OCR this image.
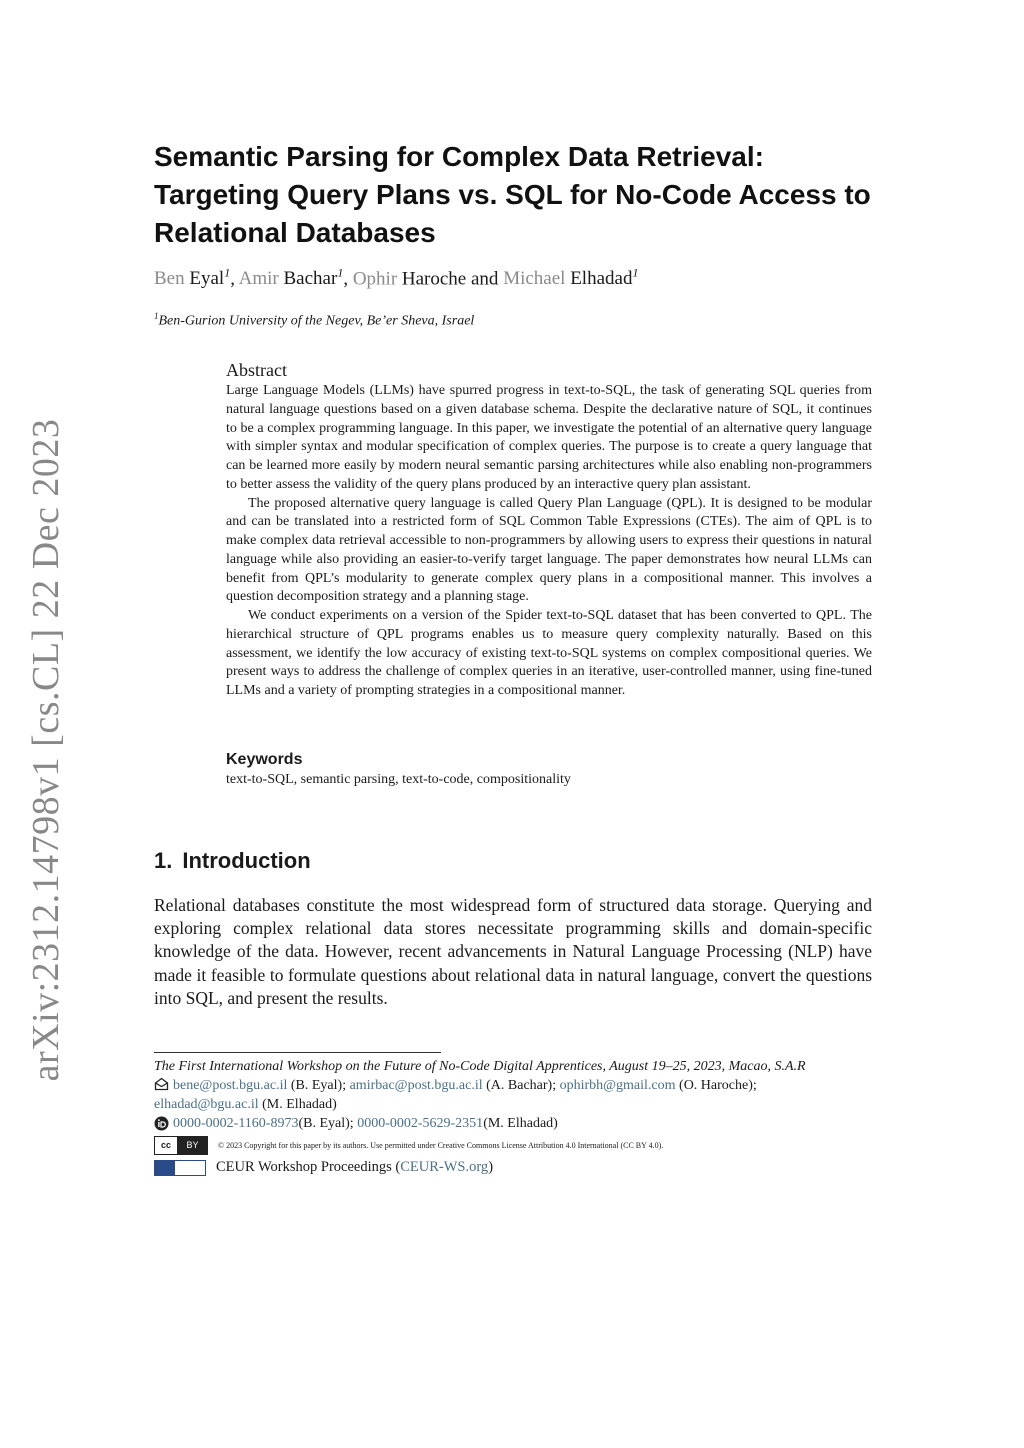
arXiv:2312.14798v1 [cs.CL] 22 Dec 2023
Semantic Parsing for Complex Data Retrieval:
Targeting Query Plans vs. SQL for No-Code Access to
Relational Databases
Ben Eyal$^1$, Amir Bachar$^1$, Ophir Haroche and Michael Elhadad$^1$
$^1$Ben-Gurion University of the Negev, Be’er Sheva, Israel
Abstract

Large Language Models (LLMs) have spurred progress in text-to-SQL, the task of generating SQL queries from natural language questions based on a given database schema. Despite the declarative nature of SQL, it continues to be a complex programming language. In this paper, we investigate the potential of an alternative query language with simpler syntax and modular specification of complex queries. The purpose is to create a query language that can be learned more easily by modern neural semantic parsing architectures while also enabling non-programmers to better assess the validity of the query plans produced by an interactive query plan assistant.

The proposed alternative query language is called Query Plan Language (QPL). It is designed to be modular and can be translated into a restricted form of SQL Common Table Expressions (CTEs). The aim of QPL is to make complex data retrieval accessible to non-programmers by allowing users to express their questions in natural language while also providing an easier-to-verify target language. The paper demonstrates how neural LLMs can benefit from QPL’s modularity to generate complex query plans in a compositional manner. This involves a question decomposition strategy and a planning stage.

We conduct experiments on a version of the Spider text-to-SQL dataset that has been converted to QPL. The hierarchical structure of QPL programs enables us to measure query complexity naturally. Based on this assessment, we identify the low accuracy of existing text-to-SQL systems on complex compositional queries. We present ways to address the challenge of complex queries in an iterative, user-controlled manner, using fine-tuned LLMs and a variety of prompting strategies in a compositional manner.

Keywords
text-to-SQL, semantic parsing, text-to-code, compositionality
1. Introduction

Relational databases constitute the most widespread form of structured data storage. Querying and exploring complex relational data stores necessitate programming skills and domain-specific knowledge of the data. However, recent advancements in Natural Language Processing (NLP) have made it feasible to formulate questions about relational data in natural language, convert the questions into SQL, and present the results.

The First International Workshop on the Future of No-Code Digital Apprentices, August 19–25, 2023, Macao, S.A.R
bene@post.bgu.ac.il (B. Eyal); amirbac@post.bgu.ac.il (A. Bachar); ophirbh@gmail.com (O. Haroche);
elhadad@bgu.ac.il (M. Elhadad)
0000-0002-1160-8973 (B. Eyal);
0000-0002-5629-2351 (M. Elhadad)
cc	BY	© 2023 Copyright for this paper by its authors. Use permitted under Creative Commons License Attribution 4.0 International (CC BY 4.0).
CEUR Workshop Proceedings ( CEUR-WS.org )
